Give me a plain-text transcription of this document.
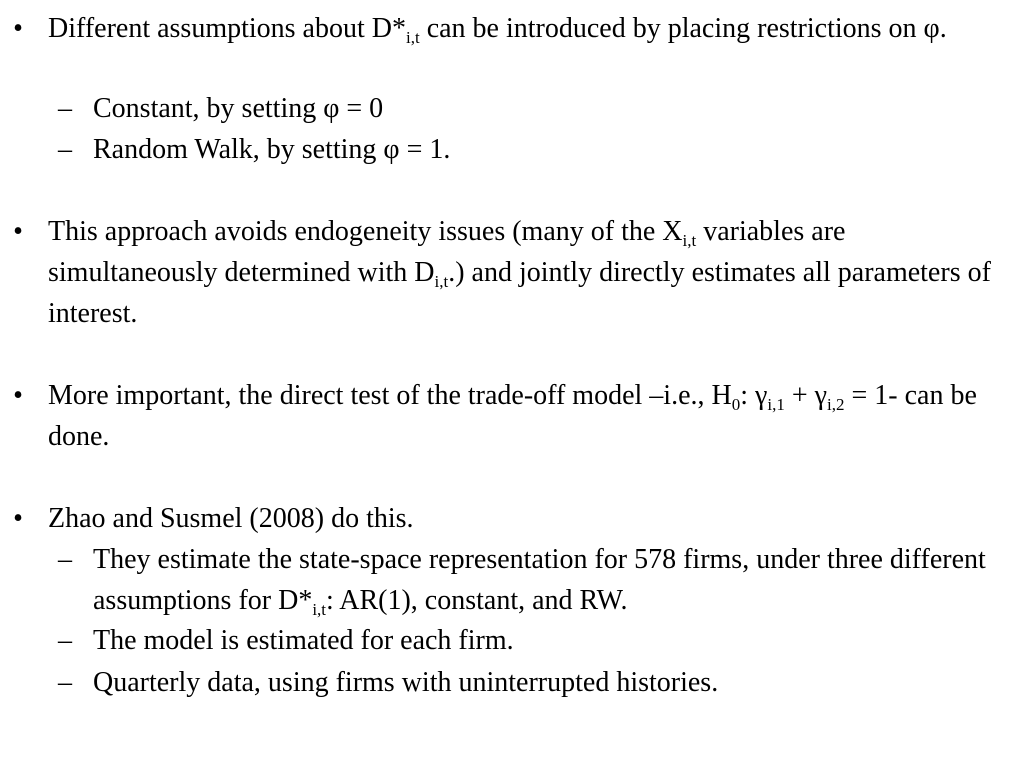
• Different assumptions about $D*_{i,t}$ can be introduced by placing restrictions on φ.
– Constant, by setting φ = 0
– Random Walk, by setting φ = 1.
• This approach avoids endogeneity issues (many of the $X_{i,t}$ variables are simultaneously determined with $D_{i,t}$.) and jointly directly estimates all parameters of interest.
• More important, the direct test of the trade-off model –i.e., $H_0$: $\gamma_{i,1} + \gamma_{i,2} = 1-$ can be done.
• Zhao and Susmel (2008) do this.
– They estimate the state-space representation for 578 firms, under three different assumptions for $D*_{i,t}$: AR(1), constant, and RW.
– The model is estimated for each firm.
– Quarterly data, using firms with uninterrupted histories.
